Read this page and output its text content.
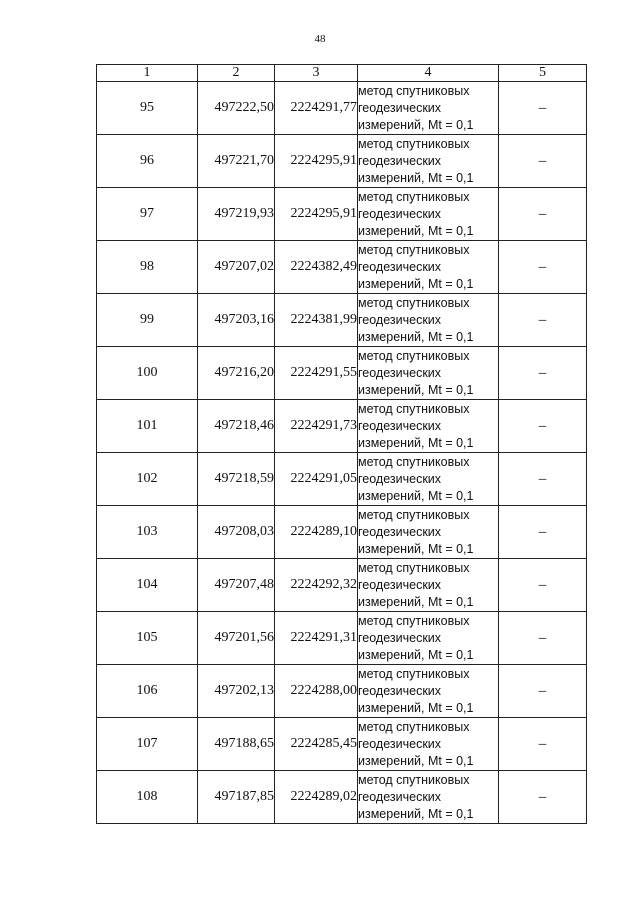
48
1	2	3	4	5
95	497222,50	2224291,77	метод спутниковых
геодезических
измерений, Mt = 0,1	–
96	497221,70	2224295,91	метод спутниковых
геодезических
измерений, Mt = 0,1	–
97	497219,93	2224295,91	метод спутниковых
геодезических
измерений, Mt = 0,1	–
98	497207,02	2224382,49	метод спутниковых
геодезических
измерений, Mt = 0,1	–
99	497203,16	2224381,99	метод спутниковых
геодезических
измерений, Mt = 0,1	–
100	497216,20	2224291,55	метод спутниковых
геодезических
измерений, Mt = 0,1	–
101	497218,46	2224291,73	метод спутниковых
геодезических
измерений, Mt = 0,1	–
102	497218,59	2224291,05	метод спутниковых
геодезических
измерений, Mt = 0,1	–
103	497208,03	2224289,10	метод спутниковых
геодезических
измерений, Mt = 0,1	–
104	497207,48	2224292,32	метод спутниковых
геодезических
измерений, Mt = 0,1	–
105	497201,56	2224291,31	метод спутниковых
геодезических
измерений, Mt = 0,1	–
106	497202,13	2224288,00	метод спутниковых
геодезических
измерений, Mt = 0,1	–
107	497188,65	2224285,45	метод спутниковых
геодезических
измерений, Mt = 0,1	–
108	497187,85	2224289,02	метод спутниковых
геодезических
измерений, Mt = 0,1	–
